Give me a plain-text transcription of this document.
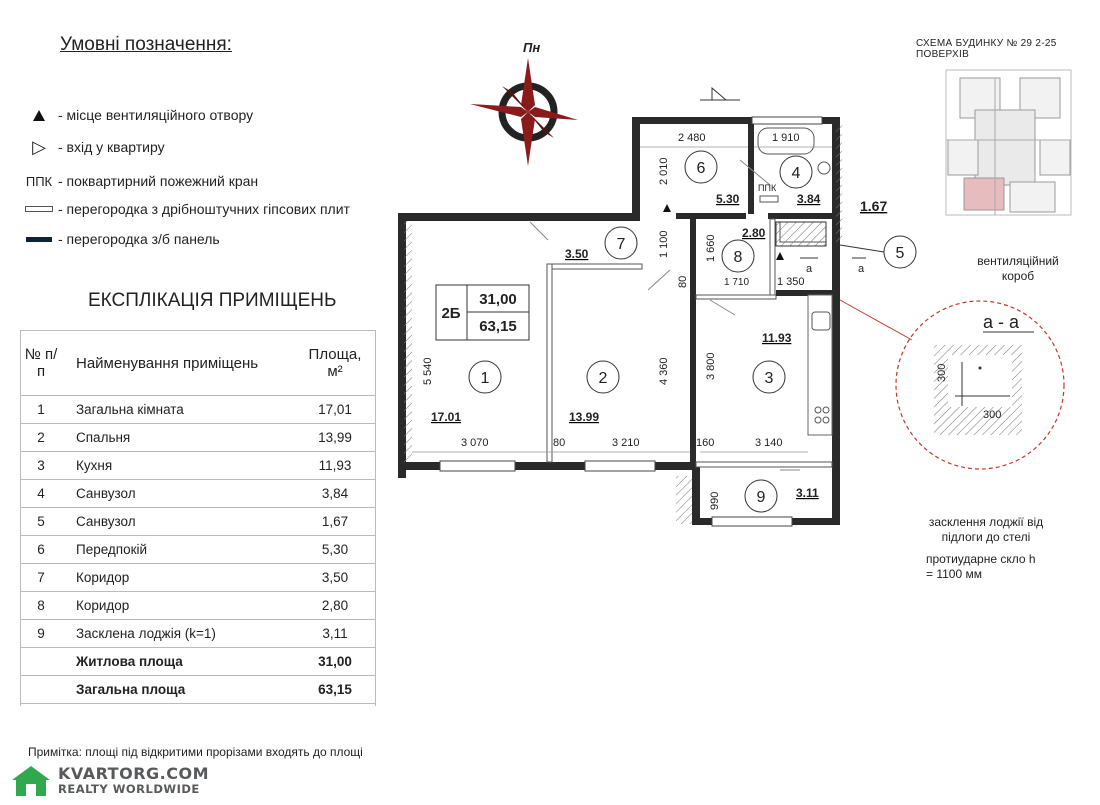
Умовні позначення:
- місце вентиляційного отвору
▷ - вхід у квартиру
ППК - поквартирний пожежний кран
- перегородка з дрібноштучних гіпсових плит
- перегородка з/б панель
ЕКСПЛІКАЦІЯ ПРИМІЩЕНЬ
№ п/п	Найменування приміщень	Площа, м²
1	Загальна кімната	17,01
2	Спальня	13,99
3	Кухня	11,93
4	Санвузол	3,84
5	Санвузол	1,67
6	Передпокій	5,30
7	Коридор	3,50
8	Коридор	2,80
9	Засклена лоджія (k=1)	3,11
	Житлова площа	31,00
	Загальна площа	63,15
Примітка: площі під відкритими прорізами входять до площі
KVARTORG.COM
REALTY WORLDWIDE
СХЕМА БУДИНКУ № 29 2-25 ПОВЕРХІВ
Пн
2Б
31,00
63,15
1	2	3
4
5
6
7
8
9
17.01	13.99
11.93
3.84	1.67
5.30
3.50
2.80
3.11
2 480	1 910
2 010
1 100	1 660
1 710	1 350
80
5 540	4 360	3 800
3 070	80	3 210	160	3 140
990
ППК
а	а
а - а
300
300
вентиляційний короб
засклення лоджії від підлоги до стелі
протиударне скло h = 1100 мм
